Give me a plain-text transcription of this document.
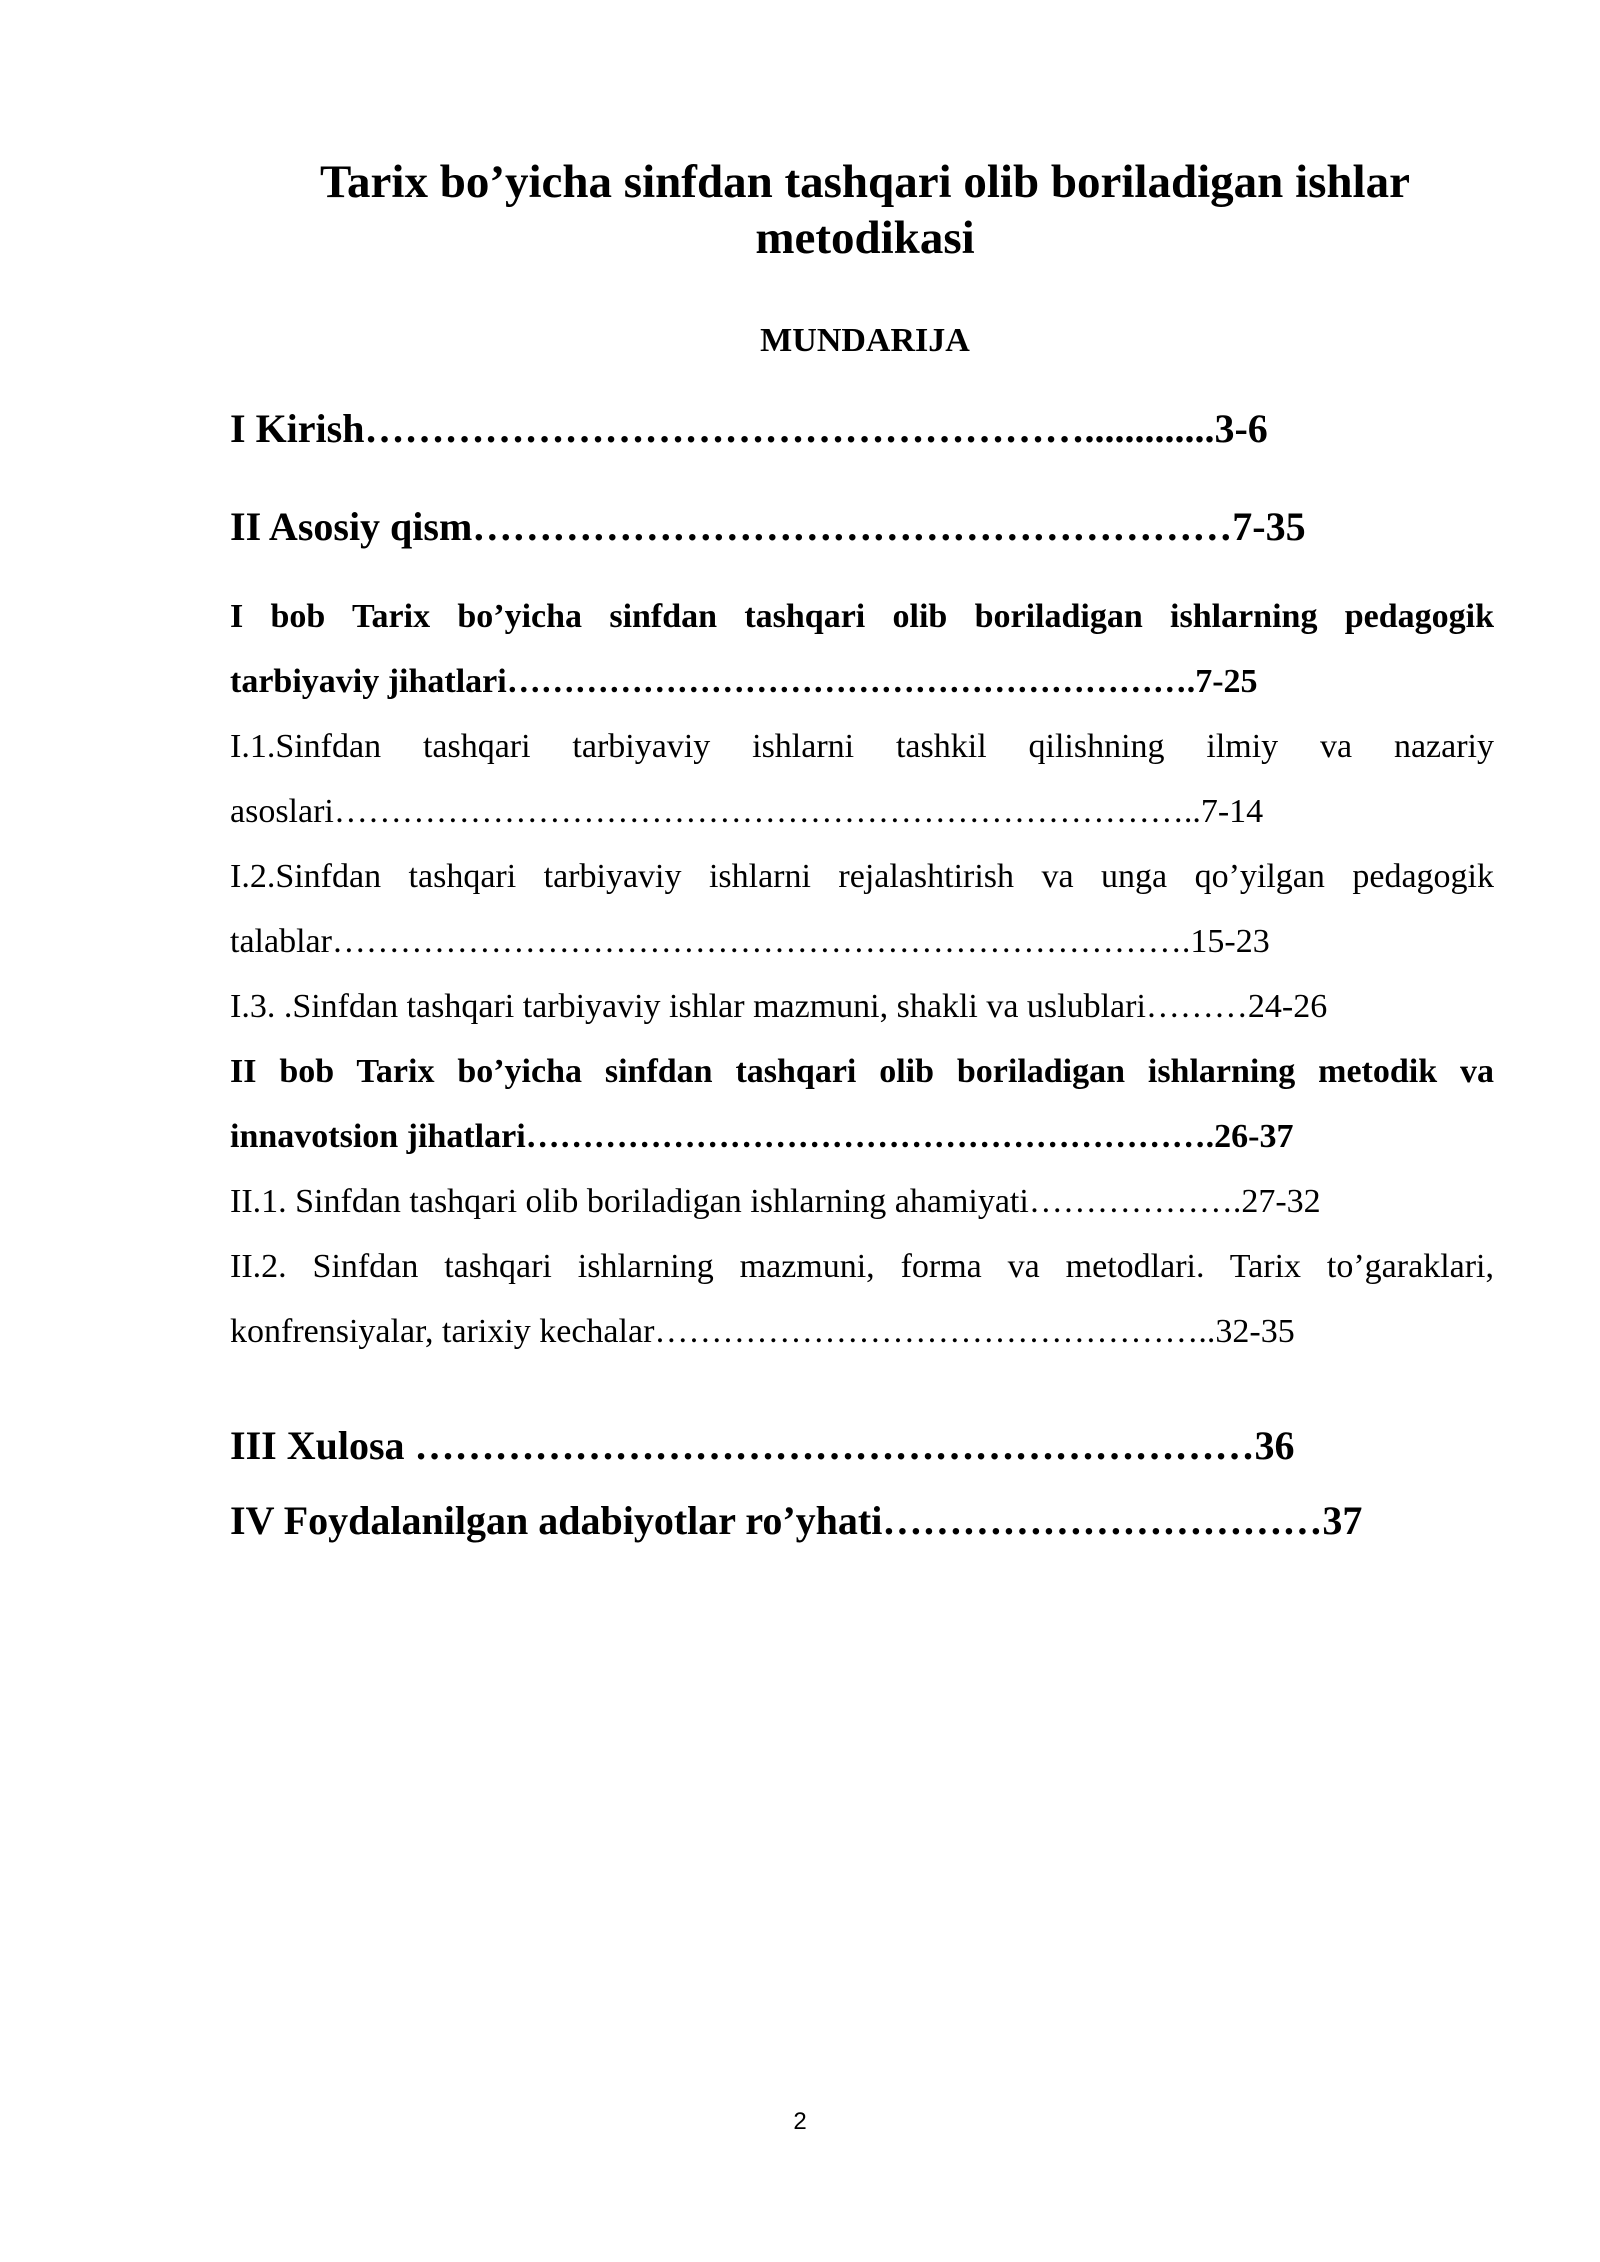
Tarix bo’yicha sinfdan tashqari olib boriladigan ishlar
metodikasi
MUNDARIJA
I Kirish……………………………………………….............3-6
II Asosiy qism…………………………………………………7-35
I bob Tarix bo’yicha sinfdan tashqari olib boriladigan ishlarning pedagogik
tarbiyaviy jihatlari…………………………………………………….7-25
I.1.Sinfdan tashqari tarbiyaviy ishlarni tashkil qilishning ilmiy va nazariy
asoslari…………………………………………………………………..7-14
I.2.Sinfdan tashqari tarbiyaviy ishlarni rejalashtirish va unga qo’yilgan pedagogik
talablar………………………………………………………………….15-23
I.3. .Sinfdan tashqari tarbiyaviy ishlar mazmuni, shakli va uslublari………24-26
II bob Tarix bo’yicha sinfdan tashqari olib boriladigan ishlarning metodik va
innavotsion jihatlari…………………………………………………….26-37
II.1. Sinfdan tashqari olib boriladigan ishlarning ahamiyati……………….27-32
II.2. Sinfdan tashqari ishlarning mazmuni, forma va metodlari. Tarix to’garaklari,
konfrensiyalar, tarixiy kechalar…………………………………………..32-35
III Xulosa ………………………………………………………36
IV Foydalanilgan adabiyotlar ro’yhati……………………………37
2
